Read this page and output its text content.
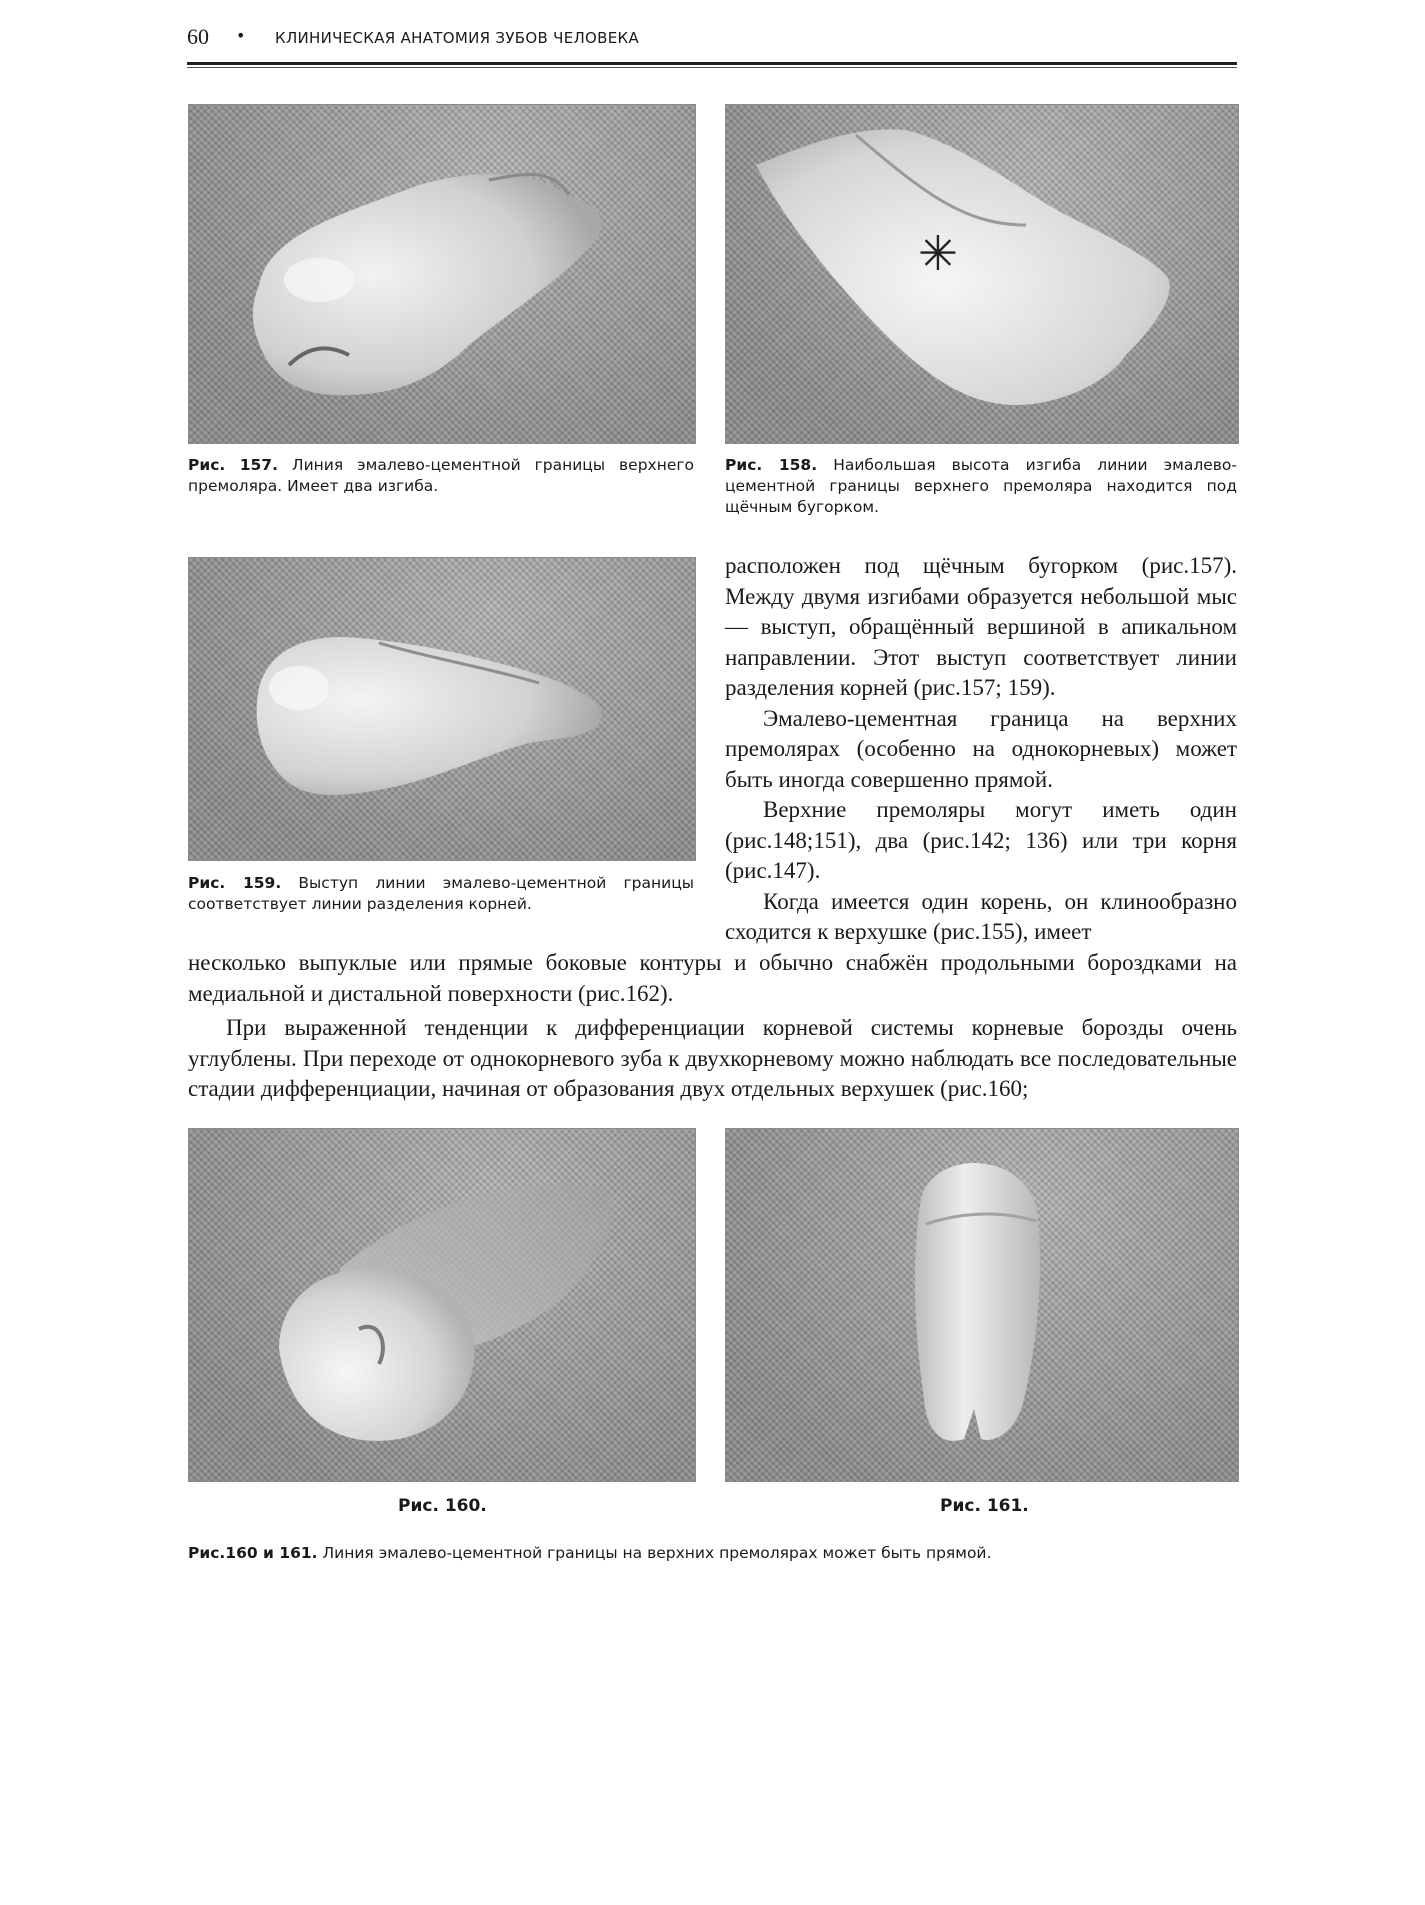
60 • КЛИНИЧЕСКАЯ АНАТОМИЯ ЗУБОВ ЧЕЛОВЕКА
Рис. 157. Линия эмалево-цементной границы верхнего премоляра. Имеет два изгиба.
✳
Рис. 158. Наибольшая высота изгиба линии эмалево-цементной границы верхнего премоляра находится под щёчным бугорком.
Рис. 159. Выступ линии эмалево-цементной границы соответствует линии разделения корней.

расположен под щёчным бугорком (рис.157). Между двумя изгибами образуется небольшой мыс — выступ, обращённый вершиной в апикальном направлении. Этот выступ соответствует линии разделения корней (рис.157; 159).

Эмалево-цементная граница на верхних премолярах (особенно на однокорневых) может быть иногда совершенно прямой.

Верхние премоляры могут иметь один (рис.148;151), два (рис.142; 136) или три корня (рис.147).

Когда имеется один корень, он клинообразно сходится к верхушке (рис.155), имеет

несколько выпуклые или прямые боковые контуры и обычно снабжён продольными бороздками на медиальной и дистальной поверхности (рис.162).

При выраженной тенденции к дифференциации корневой системы корневые борозды очень углублены. При переходе от однокорневого зуба к двухкорневому можно наблюдать все последовательные стадии дифференциации, начиная от образования двух отдельных верхушек (рис.160;

Рис. 160.	Рис. 161.
Рис.160 и 161. Линия эмалево-цементной границы на верхних премолярах может быть прямой.
